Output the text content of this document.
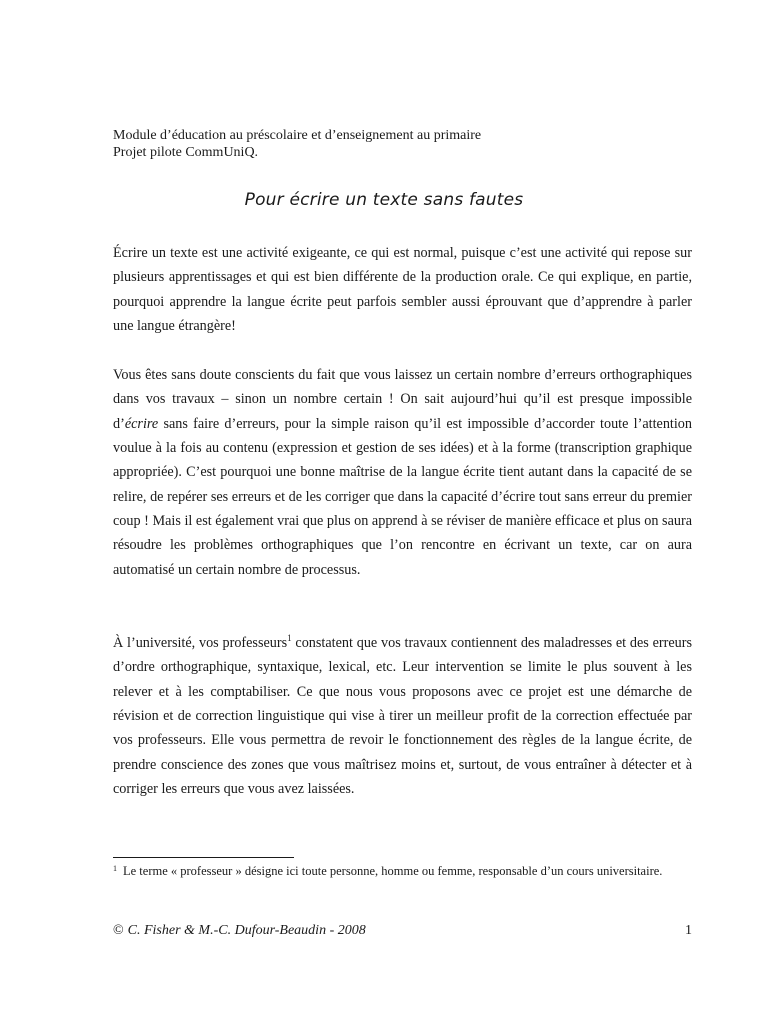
Module d’éducation au préscolaire et d’enseignement au primaire
Projet pilote CommUniQ.
Pour écrire un texte sans fautes

Écrire un texte est une activité exigeante, ce qui est normal, puisque c’est une activité qui repose sur plusieurs apprentissages et qui est bien différente de la production orale. Ce qui explique, en partie, pourquoi apprendre la langue écrite peut parfois sembler aussi éprouvant que d’apprendre à parler une langue étrangère!

Vous êtes sans doute conscients du fait que vous laissez un certain nombre d’erreurs orthographiques dans vos travaux – sinon un nombre certain ! On sait aujourd’hui qu’il est presque impossible d’écrire sans faire d’erreurs, pour la simple raison qu’il est impossible d’accorder toute l’attention voulue à la fois au contenu (expression et gestion de ses idées) et à la forme (transcription graphique appropriée). C’est pourquoi une bonne maîtrise de la langue écrite tient autant dans la capacité de se relire, de repérer ses erreurs et de les corriger que dans la capacité d’écrire tout sans erreur du premier coup ! Mais il est également vrai que plus on apprend à se réviser de manière efficace et plus on saura résoudre les problèmes orthographiques que l’on rencontre en écrivant un texte, car on aura automatisé un certain nombre de processus.

À l’université, vos professeurs$^1$ constatent que vos travaux contiennent des maladresses et des erreurs d’ordre orthographique, syntaxique, lexical, etc. Leur intervention se limite le plus souvent à les relever et à les comptabiliser. Ce que nous vous proposons avec ce projet est une démarche de révision et de correction linguistique qui vise à tirer un meilleur profit de la correction effectuée par vos professeurs. Elle vous permettra de revoir le fonctionnement des règles de la langue écrite, de prendre conscience des zones que vous maîtrisez moins et, surtout, de vous entraîner à détecter et à corriger les erreurs que vous avez laissées.

$^1$ Le terme « professeur » désigne ici toute personne, homme ou femme, responsable d’un cours universitaire.
© C. Fisher & M.-C. Dufour-Beaudin - 2008	1
